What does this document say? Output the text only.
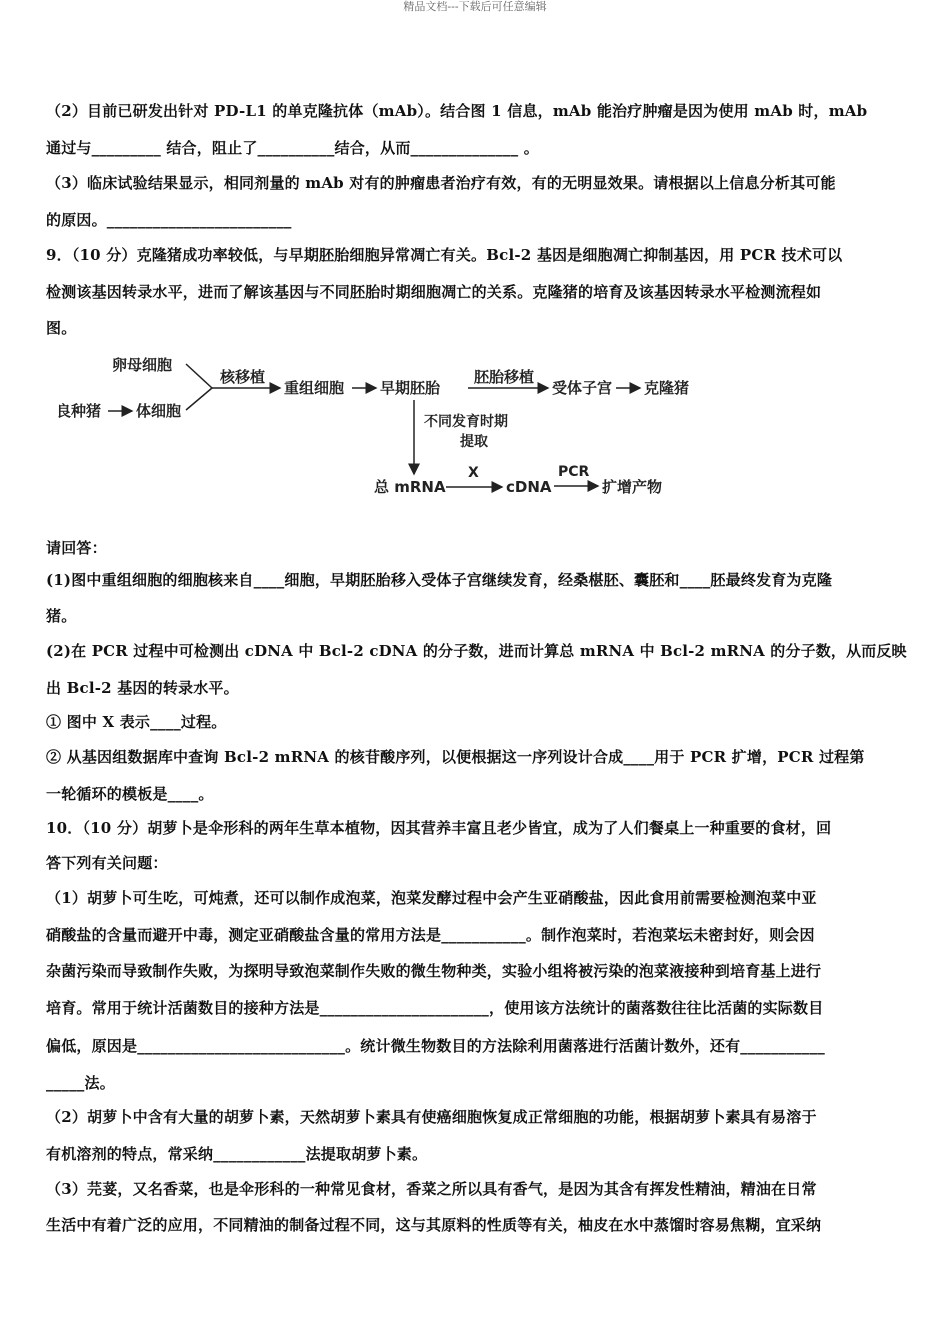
精品文档---下载后可任意编辑
（2）目前已研发出针对 PD-L1 的单克隆抗体（mAb）。结合图 1 信息，mAb 能治疗肿瘤是因为使用 mAb 时，mAb
通过与_________ 结合，阻止了__________结合，从而______________ 。
（3）临床试验结果显示，相同剂量的 mAb 对有的肿瘤患者治疗有效，有的无明显效果。请根据以上信息分析其可能
的原因。________________________
9．（10 分）克隆猪成功率较低，与早期胚胎细胞异常凋亡有关。Bcl-2 基因是细胞凋亡抑制基因，用 PCR 技术可以
检测该基因转录水平，进而了解该基因与不同胚胎时期细胞凋亡的关系。克隆猪的培育及该基因转录水平检测流程如
图。
卵母细胞
良种猪 体细胞
核移植
重组细胞 早期胚胎
胚胎移植
受体子宫 克隆猪
不同发育时期
提取
总 mRNA
X
cDNA
PCR
扩增产物
请回答：
(1)图中重组细胞的细胞核来自____细胞，早期胚胎移入受体子宫继续发育，经桑椹胚、囊胚和____胚最终发育为克隆
猪。
(2)在 PCR 过程中可检测出 cDNA 中 Bcl-2 cDNA 的分子数，进而计算总 mRNA 中 Bcl-2 mRNA 的分子数，从而反映
出 Bcl-2 基因的转录水平。
① 图中 X 表示____过程。
② 从基因组数据库中查询 Bcl-2 mRNA 的核苷酸序列，以便根据这一序列设计合成____用于 PCR 扩增，PCR 过程第
一轮循环的模板是____。
10．（10 分）胡萝卜是伞形科的两年生草本植物，因其营养丰富且老少皆宜，成为了人们餐桌上一种重要的食材，回
答下列有关问题：
（1）胡萝卜可生吃，可炖煮，还可以制作成泡菜，泡菜发酵过程中会产生亚硝酸盐，因此食用前需要检测泡菜中亚
硝酸盐的含量而避开中毒，测定亚硝酸盐含量的常用方法是___________。制作泡菜时，若泡菜坛未密封好，则会因
杂菌污染而导致制作失败，为探明导致泡菜制作失败的微生物种类，实验小组将被污染的泡菜液接种到培育基上进行
培育。常用于统计活菌数目的接种方法是______________________，使用该方法统计的菌落数往往比活菌的实际数目
偏低，原因是___________________________。统计微生物数目的方法除利用菌落进行活菌计数外，还有___________
_____法。
（2）胡萝卜中含有大量的胡萝卜素，天然胡萝卜素具有使癌细胞恢复成正常细胞的功能，根据胡萝卜素具有易溶于
有机溶剂的特点，常采纳____________法提取胡萝卜素。
（3）芫荽，又名香菜，也是伞形科的一种常见食材，香菜之所以具有香气，是因为其含有挥发性精油，精油在日常
生活中有着广泛的应用，不同精油的制备过程不同，这与其原料的性质等有关，柚皮在水中蒸馏时容易焦糊，宜采纳
